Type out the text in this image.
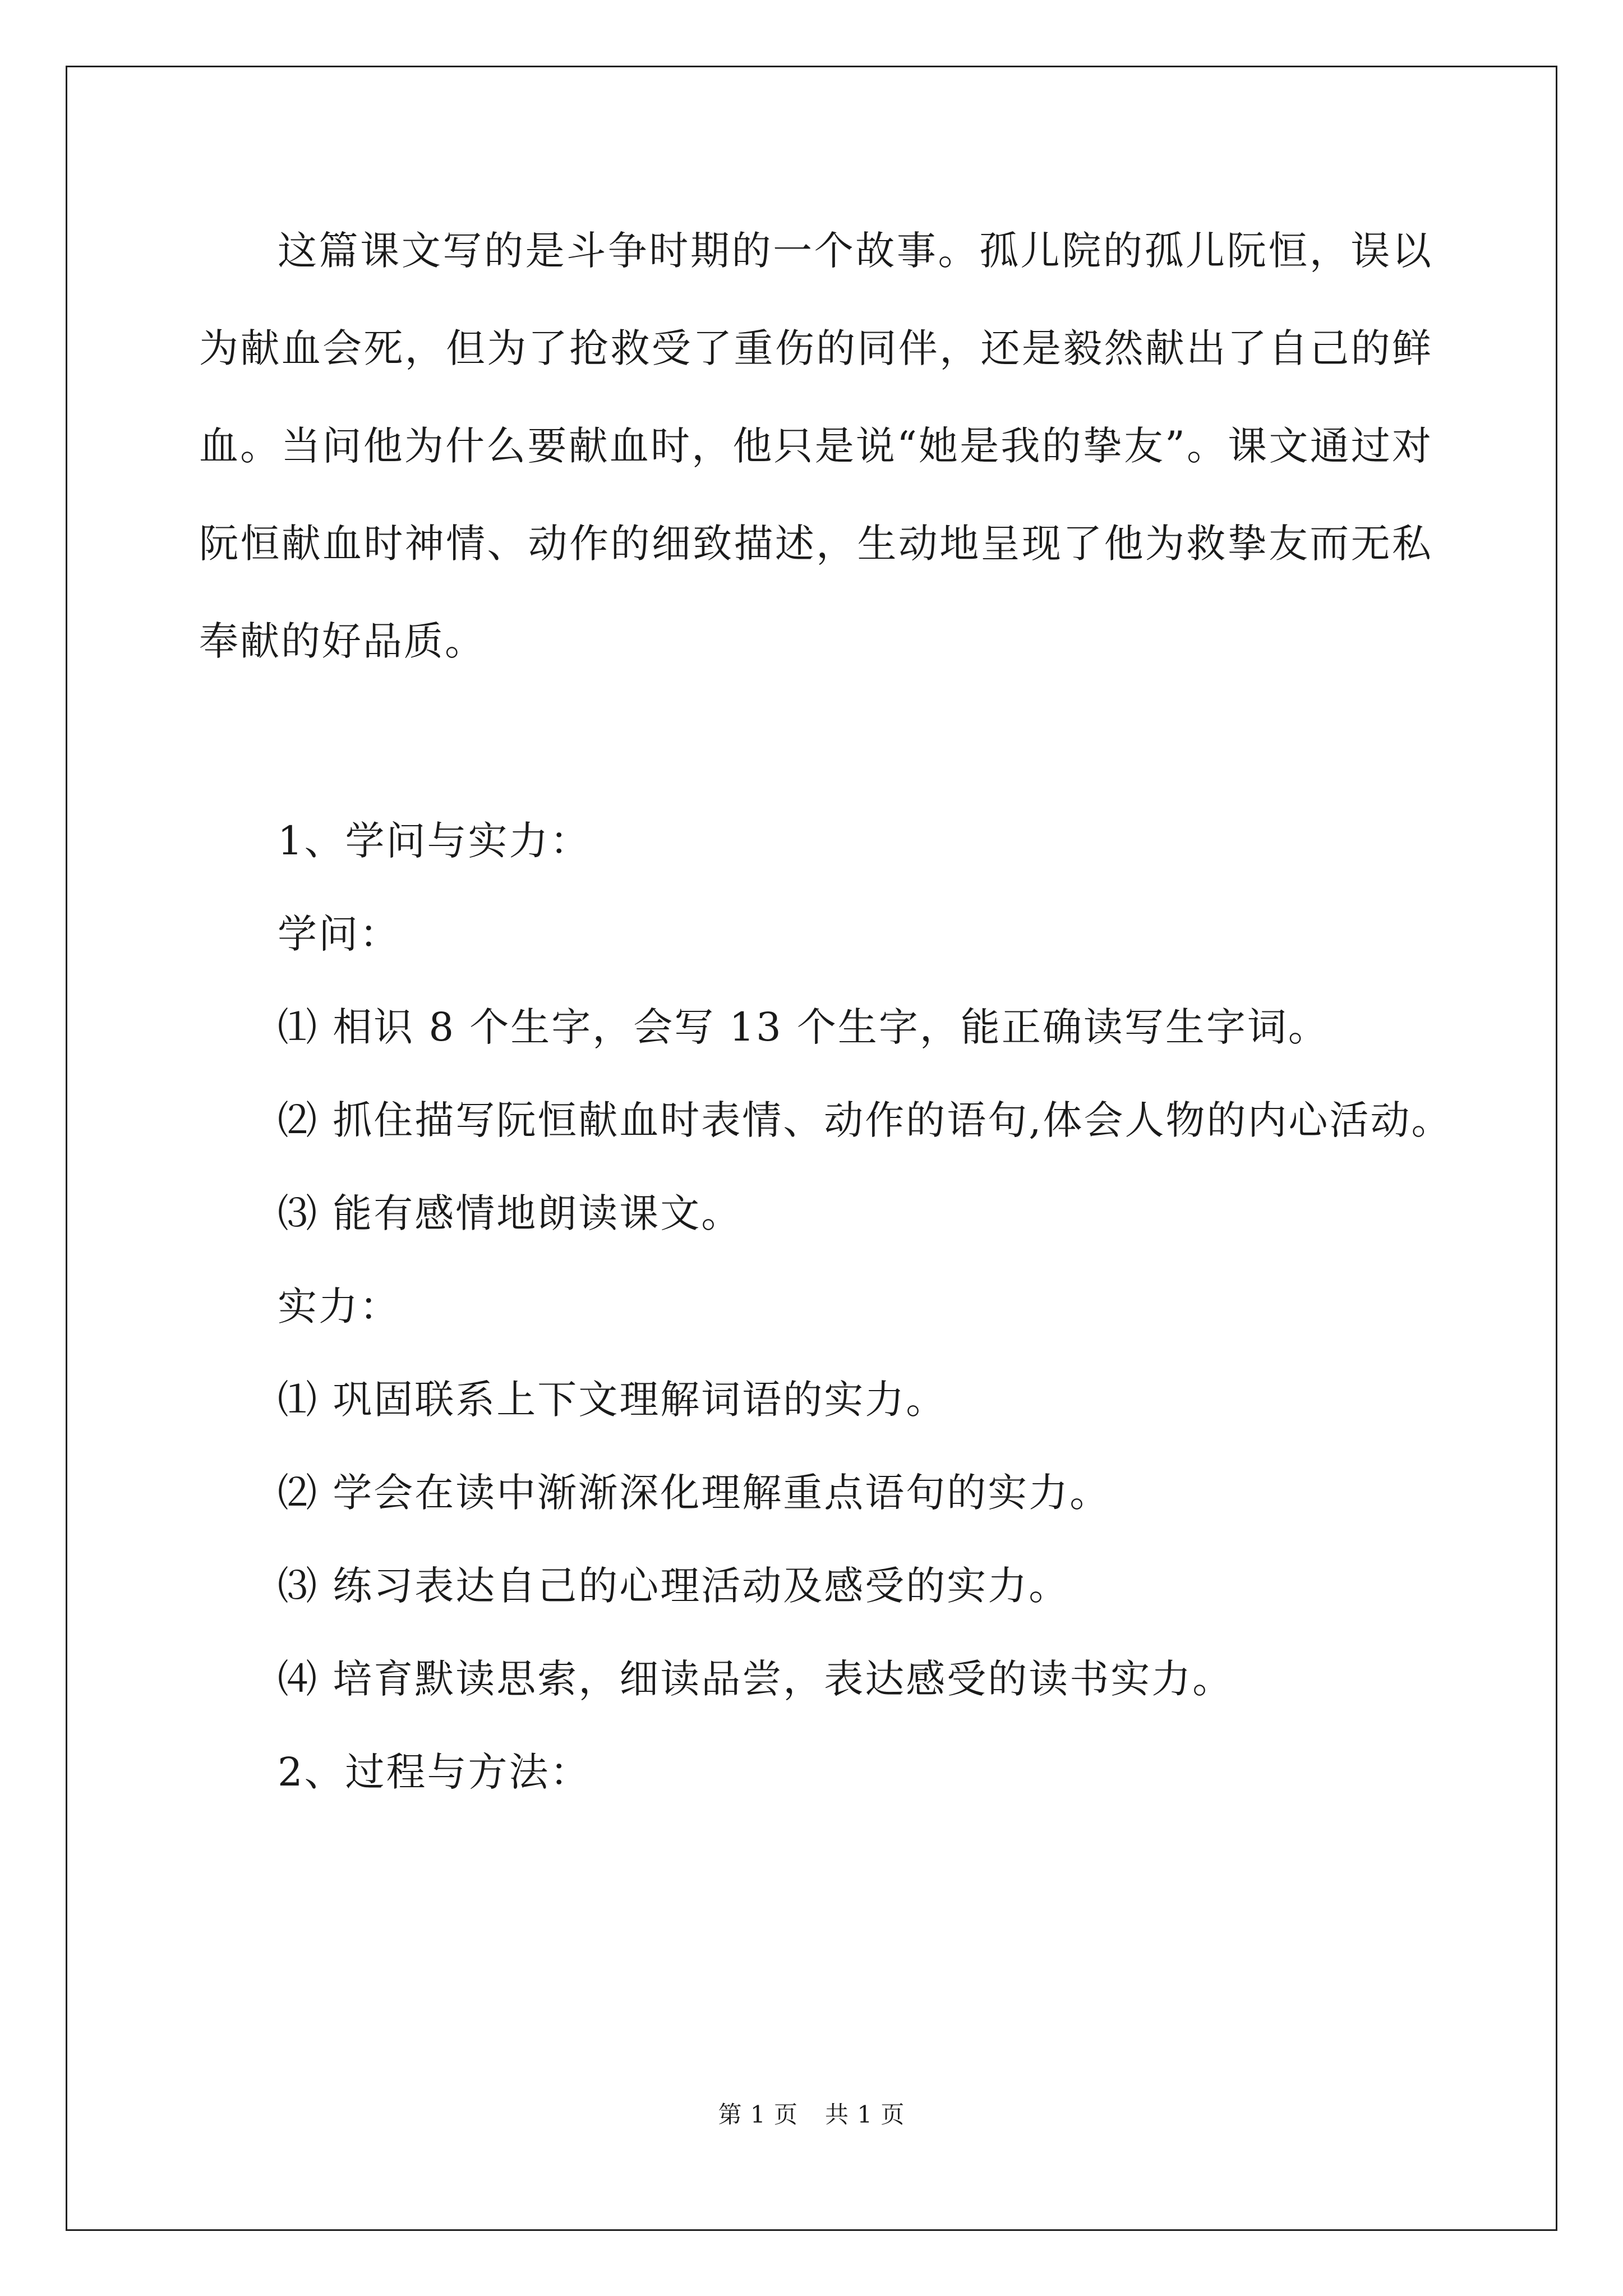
这篇课文写的是斗争时期的一个故事。孤儿院的孤儿阮恒，误以为献血会死，但为了抢救受了重伤的同伴，还是毅然献出了自己的鲜血。当问他为什么要献血时，他只是说“她是我的挚友”。课文通过对阮恒献血时神情、动作的细致描述，生动地呈现了他为救挚友而无私奉献的好品质。

1、学问与实力：

学问：

⑴ 相识 8 个生字，会写 13 个生字，能正确读写生字词。

⑵ 抓住描写阮恒献血时表情、动作的语句,体会人物的内心活动。

⑶ 能有感情地朗读课文。

实力：

⑴ 巩固联系上下文理解词语的实力。

⑵ 学会在读中渐渐深化理解重点语句的实力。

⑶ 练习表达自己的心理活动及感受的实力。

⑷ 培育默读思索，细读品尝，表达感受的读书实力。

2、过程与方法：

第 1 页 共 1 页
